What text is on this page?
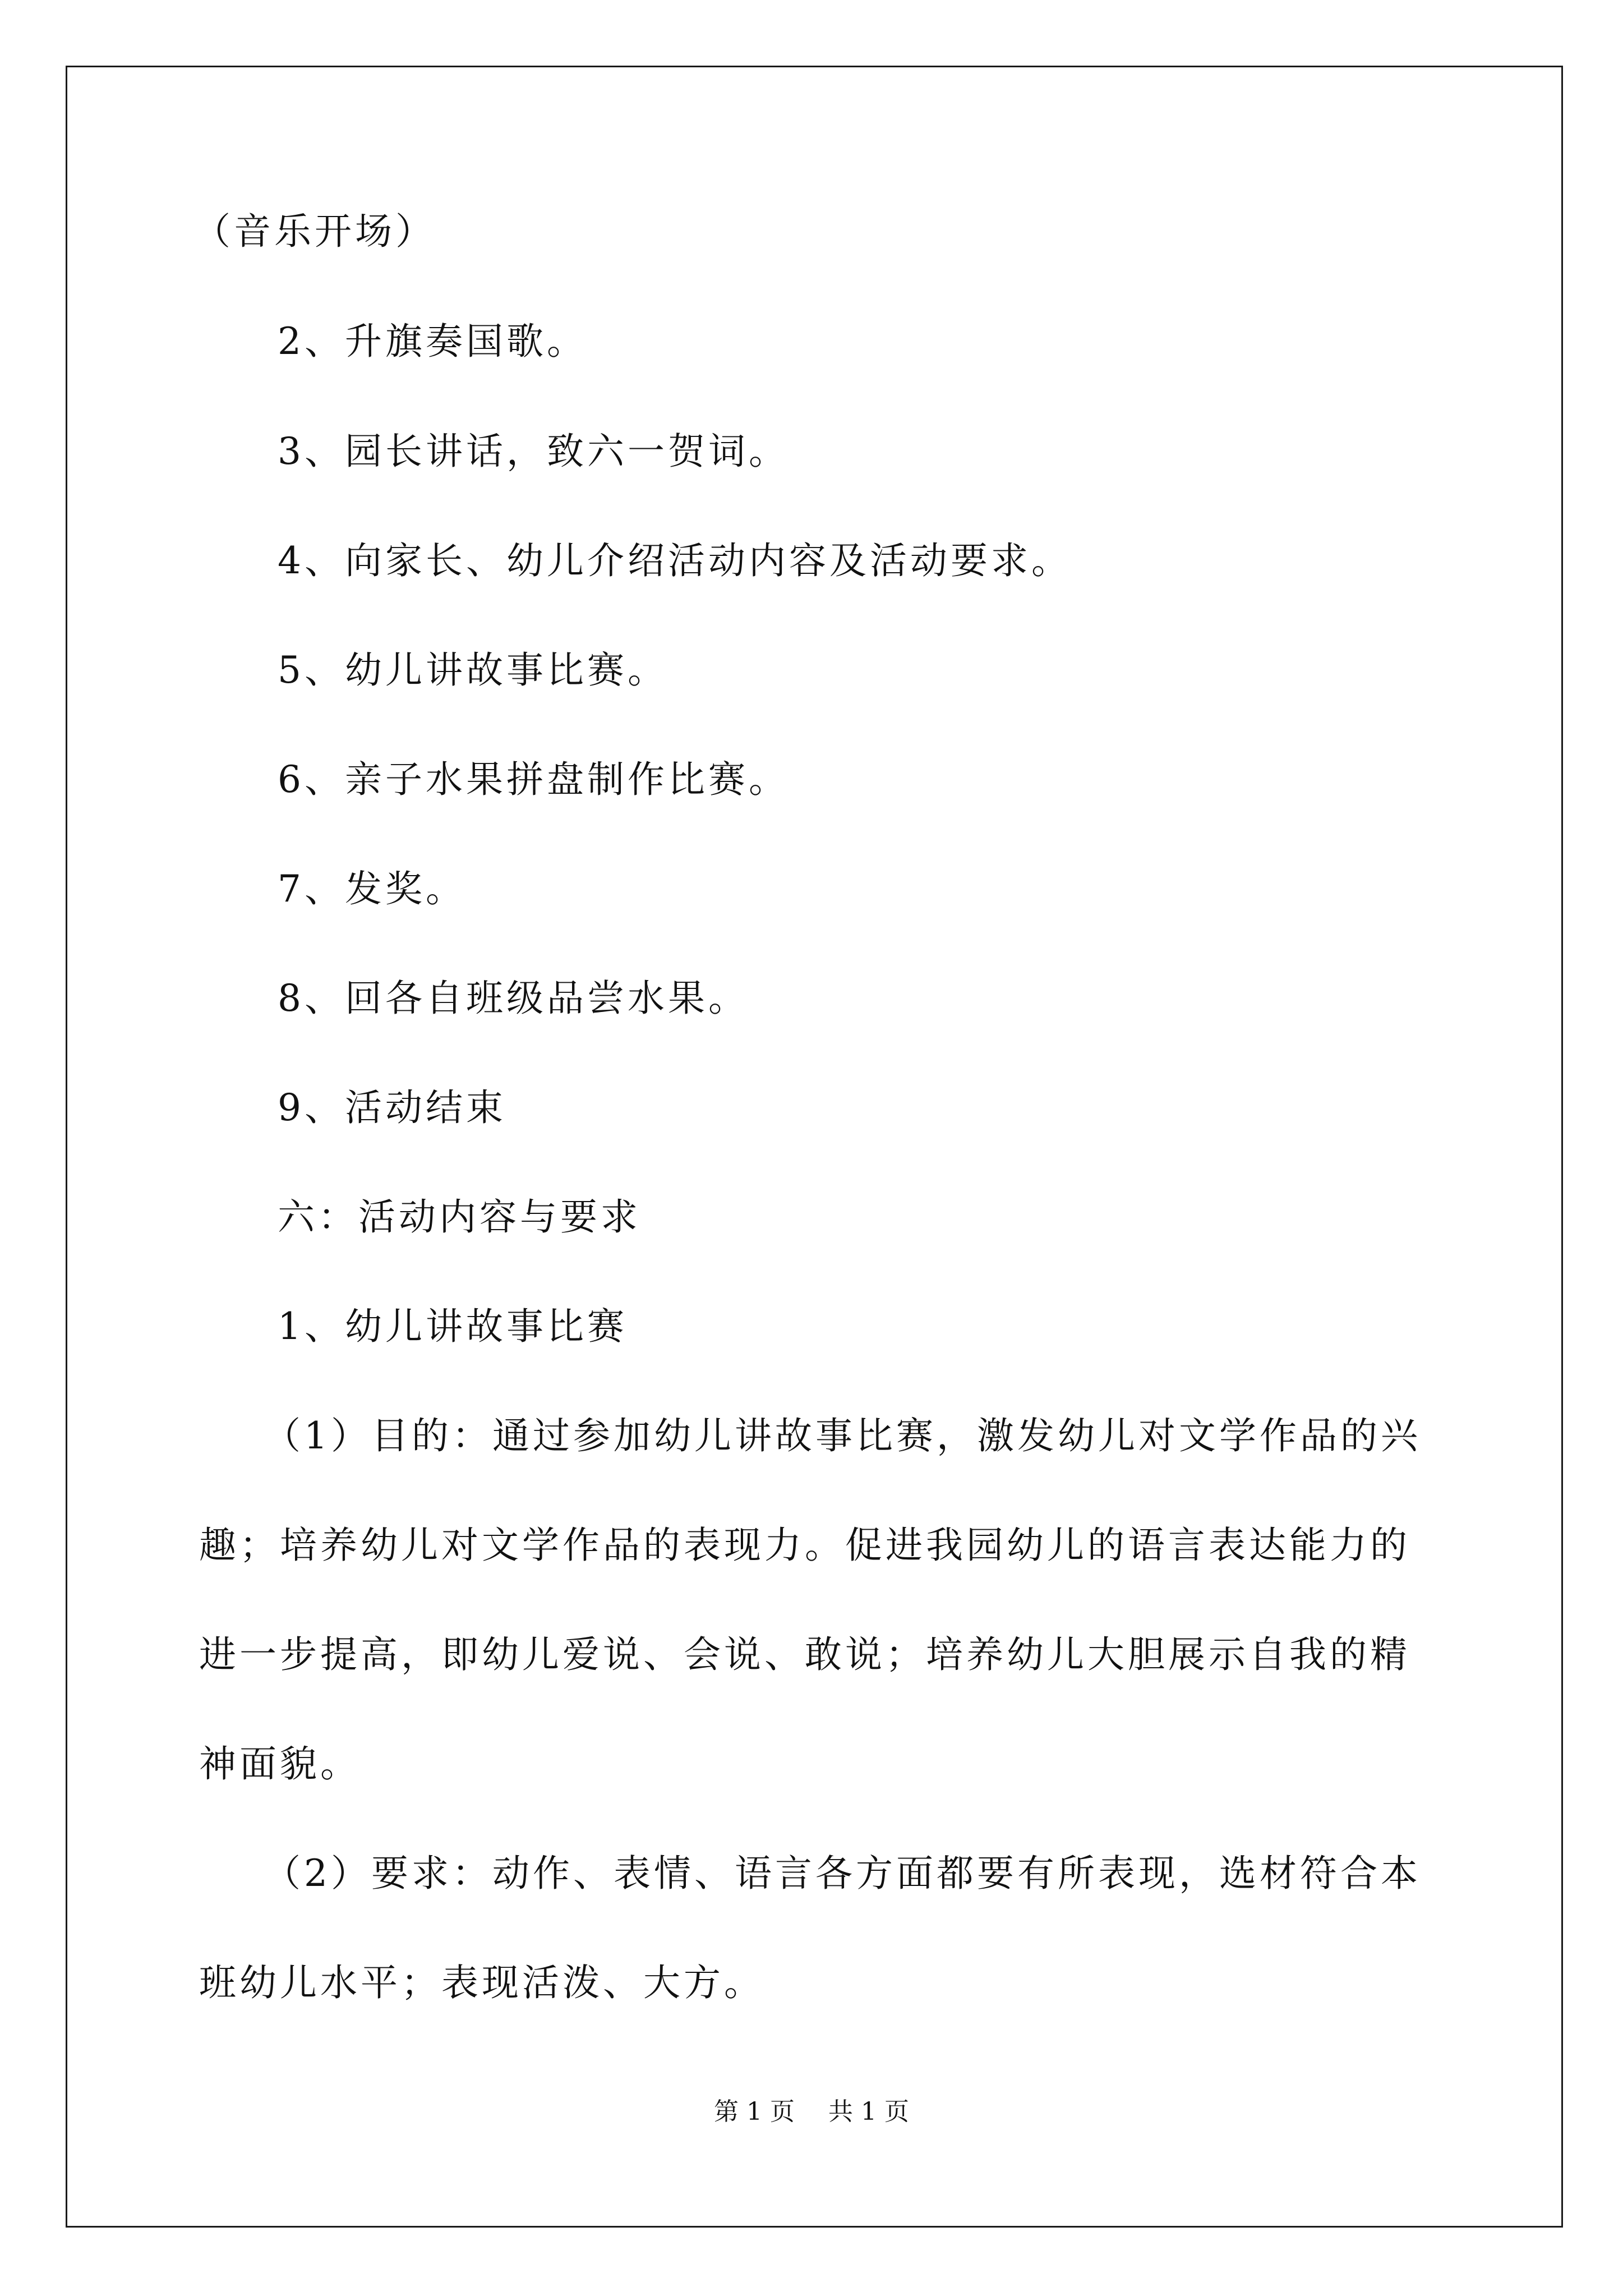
（音乐开场）
2、升旗奏国歌。
3、园长讲话，致六一贺词。
4、向家长、幼儿介绍活动内容及活动要求。
5、幼儿讲故事比赛。
6、亲子水果拼盘制作比赛。
7、发奖。
8、回各自班级品尝水果。
9、活动结束
六：活动内容与要求
1、幼儿讲故事比赛
（1）目的：通过参加幼儿讲故事比赛，激发幼儿对文学作品的兴
趣；培养幼儿对文学作品的表现力。促进我园幼儿的语言表达能力的
进一步提高，即幼儿爱说、会说、敢说；培养幼儿大胆展示自我的精
神面貌。
（2）要求：动作、表情、语言各方面都要有所表现，选材符合本
班幼儿水平；表现活泼、大方。
第 1 页 共 1 页
